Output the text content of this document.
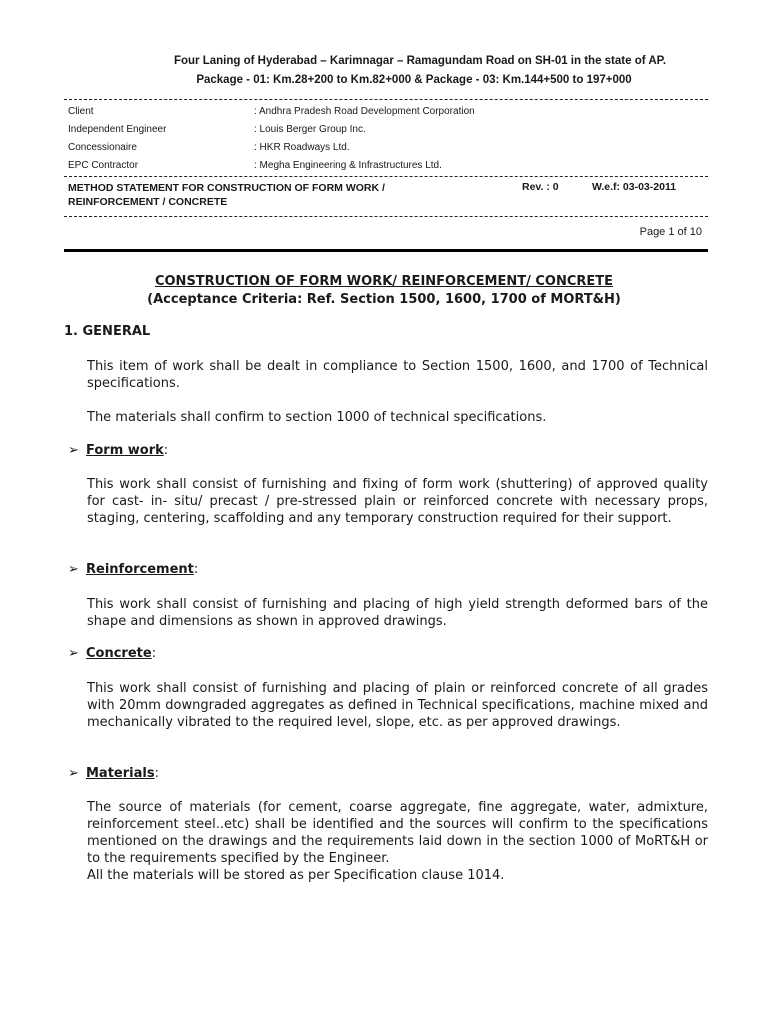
Four Laning of Hyderabad – Karimnagar – Ramagundam Road on SH-01 in the state of AP.
Package - 01: Km.28+200 to Km.82+000 & Package - 03: Km.144+500 to 197+000
Client	: Andhra Pradesh Road Development Corporation
Independent Engineer	: Louis Berger Group Inc.
Concessionaire	: HKR Roadways Ltd.
EPC Contractor	: Megha Engineering & Infrastructures Ltd.
METHOD STATEMENT FOR CONSTRUCTION OF FORM WORK /
REINFORCEMENT / CONCRETE
Rev. : 0	W.e.f: 03-03-2011
Page 1 of 10
CONSTRUCTION OF FORM WORK/ REINFORCEMENT/ CONCRETE
(Acceptance Criteria: Ref. Section 1500, 1600, 1700 of MORT&H)
1. GENERAL
This item of work shall be dealt in compliance to Section 1500, 1600, and 1700 of Technical specifications.
The materials shall confirm to section 1000 of technical specifications.
➢ Form work:
This work shall consist of furnishing and fixing of form work (shuttering) of approved quality for cast- in- situ/ precast / pre-stressed plain or reinforced concrete with necessary props, staging, centering, scaffolding and any temporary construction required for their support.
➢ Reinforcement:
This work shall consist of furnishing and placing of high yield strength deformed bars of the shape and dimensions as shown in approved drawings.
➢ Concrete:
This work shall consist of furnishing and placing of plain or reinforced concrete of all grades with 20mm downgraded aggregates as defined in Technical specifications, machine mixed and mechanically vibrated to the required level, slope, etc. as per approved drawings.
➢ Materials:
The source of materials (for cement, coarse aggregate, fine aggregate, water, admixture, reinforcement steel..etc) shall be identified and the sources will confirm to the specifications mentioned on the drawings and the requirements laid down in the section 1000 of MoRT&H or to the requirements specified by the Engineer.
All the materials will be stored as per Specification clause 1014.
